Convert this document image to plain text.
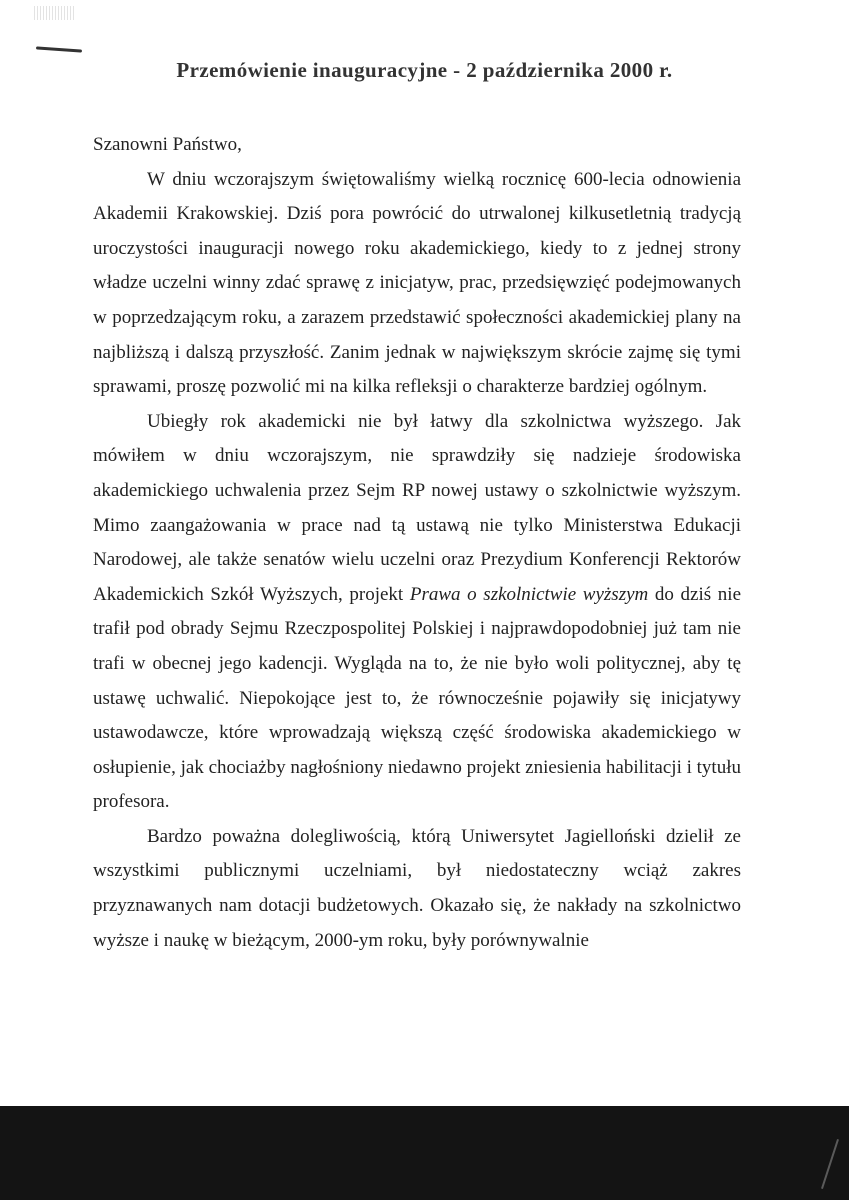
Przemówienie inauguracyjne - 2 października 2000 r.

Szanowni Państwo,

W dniu wczorajszym świętowaliśmy wielką rocznicę 600-lecia odnowienia Akademii Krakowskiej. Dziś pora powrócić do utrwalonej kilkusetletnią tradycją uroczystości inauguracji nowego roku akademickiego, kiedy to z jednej strony władze uczelni winny zdać sprawę z inicjatyw, prac, przedsięwzięć podejmowanych w poprzedzającym roku, a zarazem przedstawić społeczności akademickiej plany na najbliższą i dalszą przyszłość. Zanim jednak w największym skrócie zajmę się tymi sprawami, proszę pozwolić mi na kilka refleksji o charakterze bardziej ogólnym.

Ubiegły rok akademicki nie był łatwy dla szkolnictwa wyższego. Jak mówiłem w dniu wczorajszym, nie sprawdziły się nadzieje środowiska akademickiego uchwalenia przez Sejm RP nowej ustawy o szkolnictwie wyższym. Mimo zaangażowania w prace nad tą ustawą nie tylko Ministerstwa Edukacji Narodowej, ale także senatów wielu uczelni oraz Prezydium Konferencji Rektorów Akademickich Szkół Wyższych, projekt Prawa o szkolnictwie wyższym do dziś nie trafił pod obrady Sejmu Rzeczpospolitej Polskiej i najprawdopodobniej już tam nie trafi w obecnej jego kadencji. Wygląda na to, że nie było woli politycznej, aby tę ustawę uchwalić. Niepokojące jest to, że równocześnie pojawiły się inicjatywy ustawodawcze, które wprowadzają większą część środowiska akademickiego w osłupienie, jak chociażby nagłośniony niedawno projekt zniesienia habilitacji i tytułu profesora.

Bardzo poważna dolegliwością, którą Uniwersytet Jagielloński dzielił ze wszystkimi publicznymi uczelniami, był niedostateczny wciąż zakres przyznawanych nam dotacji budżetowych. Okazało się, że nakłady na szkolnictwo wyższe i naukę w bieżącym, 2000-ym roku, były porównywalnie
